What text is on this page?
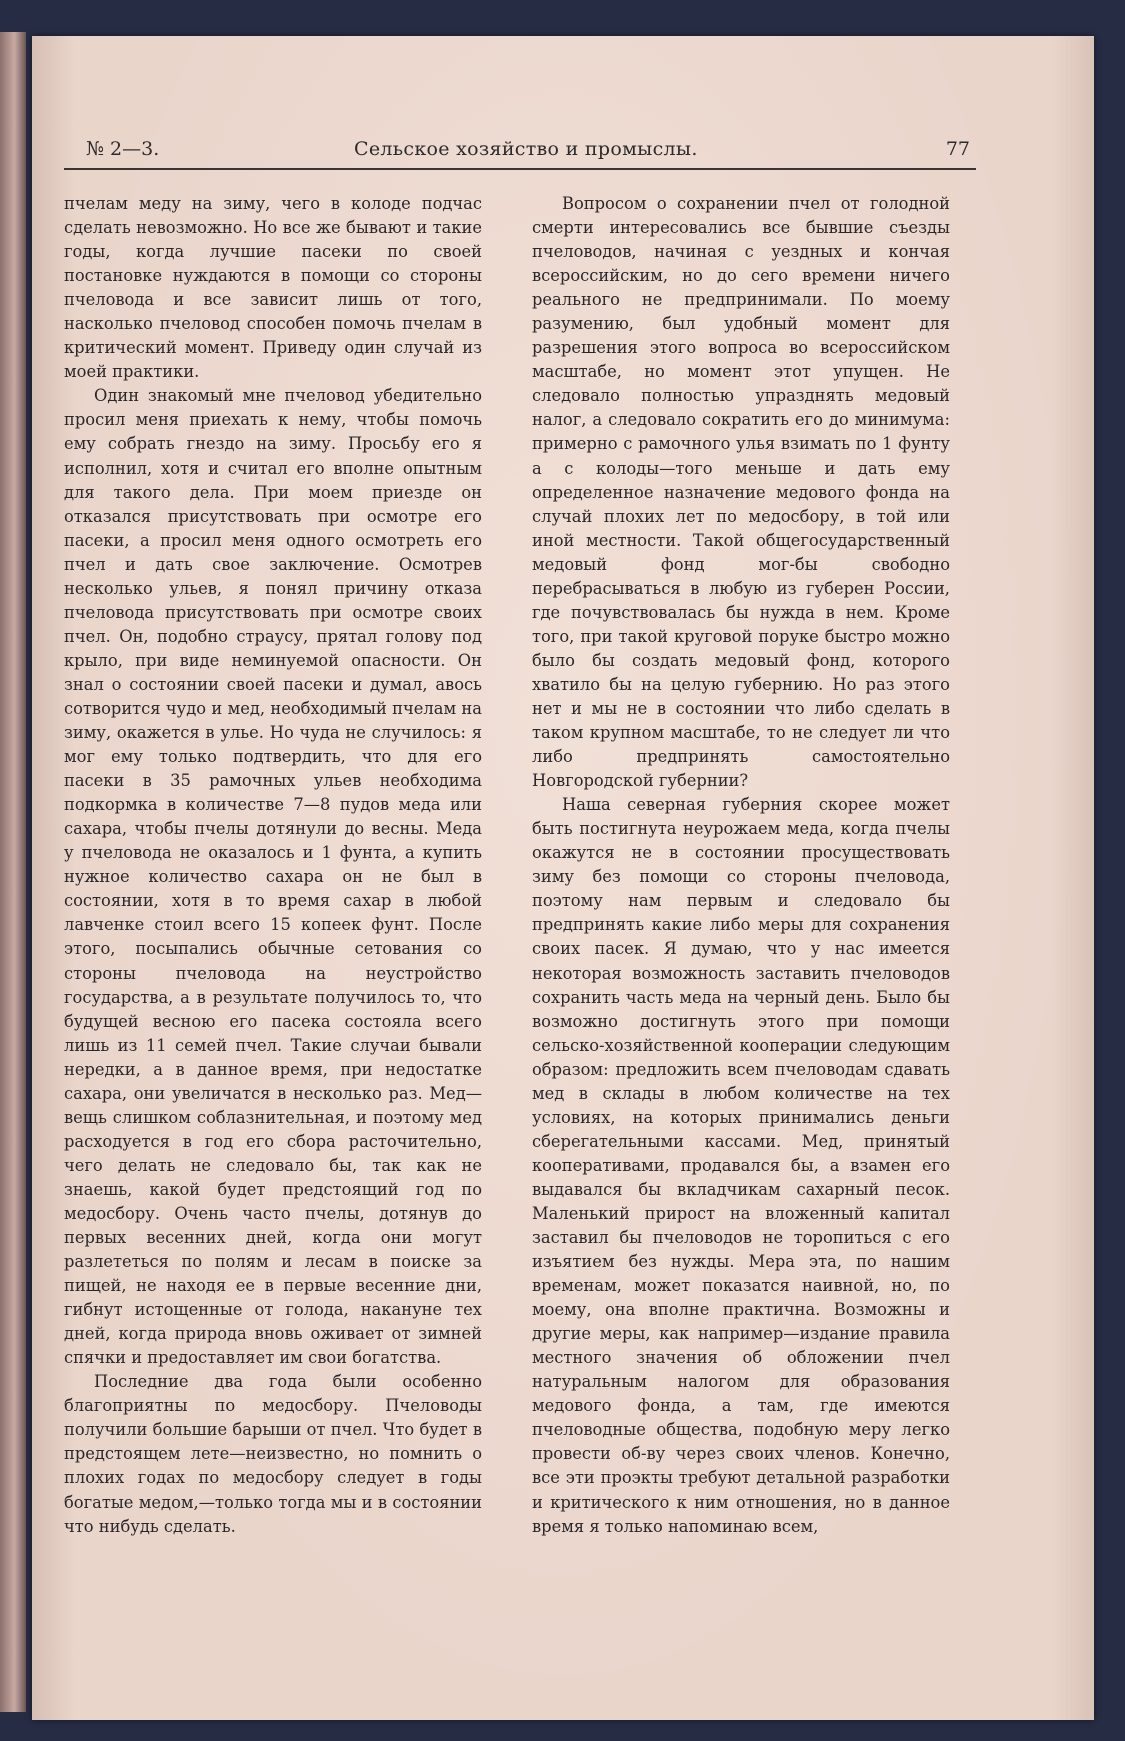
№ 2—3.	Сельское хозяйство и промыслы.	77

пчелам меду на зиму, чего в колоде подчас сделать невозможно. Но все же бывают и такие годы, когда лучшие пасеки по своей постановке нуждаются в помощи со стороны пчеловода и все зависит лишь от того, насколько пчеловод способен помочь пчелам в критический момент. Приведу один случай из моей практики.

Один знакомый мне пчеловод убедительно просил меня приехать к нему, чтобы помочь ему собрать гнездо на зиму. Просьбу его я исполнил, хотя и считал его вполне опытным для такого дела. При моем приезде он отказался присутствовать при осмотре его пасеки, а просил меня одного осмотреть его пчел и дать свое заключение. Осмотрев несколько ульев, я понял причину отказа пчеловода присутствовать при осмотре своих пчел. Он, подобно страусу, прятал голову под крыло, при виде неминуемой опасности. Он знал о состоянии своей пасеки и думал, авось сотворится чудо и мед, необходимый пчелам на зиму, окажется в улье. Но чуда не случилось: я мог ему только подтвердить, что для его пасеки в 35 рамочных ульев необходима подкормка в количестве 7—8 пудов меда или сахара, чтобы пчелы дотянули до весны. Меда у пчеловода не оказалось и 1 фунта, а купить нужное количество сахара он не был в состоянии, хотя в то время сахар в любой лавченке стоил всего 15 копеек фунт. После этого, посыпались обычные сетования со стороны пчеловода на неустройство государства, а в результате получилось то, что будущей весною его пасека состояла всего лишь из 11 семей пчел. Такие случаи бывали нередки, а в данное время, при недостатке сахара, они увеличатся в несколько раз. Мед—вещь слишком соблазнительная, и поэтому мед расходуется в год его сбора расточительно, чего делать не следовало бы, так как не знаешь, какой будет предстоящий год по медосбору. Очень часто пчелы, дотянув до первых весенних дней, когда они могут разлететься по полям и лесам в поиске за пищей, не находя ее в первые весенние дни, гибнут истощенные от голода, накануне тех дней, когда природа вновь оживает от зимней спячки и предоставляет им свои богатства.

Последние два года были особенно благоприятны по медосбору. Пчеловоды получили большие барыши от пчел. Что будет в предстоящем лете—неизвестно, но помнить о плохих годах по медосбору следует в годы богатые медом,—только тогда мы и в состоянии что нибудь сделать.

Вопросом о сохранении пчел от голодной смерти интересовались все бывшие съезды пчеловодов, начиная с уездных и кончая всероссийским, но до сего времени ничего реального не предпринимали. По моему разумению, был удобный момент для разрешения этого вопроса во всероссийском масштабе, но момент этот упущен. Не следовало полностью упразднять медовый налог, а следовало сократить его до минимума: примерно с рамочного улья взимать по 1 фунту а с колоды—того меньше и дать ему определенное назначение медового фонда на случай плохих лет по медосбору, в той или иной местности. Такой общегосударственный медовый фонд мог-бы свободно перебрасываться в любую из губерен России, где почувствовалась бы нужда в нем. Кроме того, при такой круговой поруке быстро можно было бы создать медовый фонд, которого хватило бы на целую губернию. Но раз этого нет и мы не в состоянии что либо сделать в таком крупном масштабе, то не следует ли что либо предпринять самостоятельно Новгородской губернии?

Наша северная губерния скорее может быть постигнута неурожаем меда, когда пчелы окажутся не в состоянии просуществовать зиму без помощи со стороны пчеловода, поэтому нам первым и следовало бы предпринять какие либо меры для сохранения своих пасек. Я думаю, что у нас имеется некоторая возможность заставить пчеловодов сохранить часть меда на черный день. Было бы возможно достигнуть этого при помощи сельско-хозяйственной кооперации следующим образом: предложить всем пчеловодам сдавать мед в склады в любом количестве на тех условиях, на которых принимались деньги сберегательными кассами. Мед, принятый кооперативами, продавался бы, а взамен его выдавался бы вкладчикам сахарный песок. Маленький прирост на вложенный капитал заставил бы пчеловодов не торопиться с его изъятием без нужды. Мера эта, по нашим временам, может показатся наивной, но, по моему, она вполне практична. Возможны и другие меры, как например—издание правила местного значения об обложении пчел натуральным налогом для образования медового фонда, а там, где имеются пчеловодные общества, подобную меру легко провести об-ву через своих членов. Конечно, все эти проэкты требуют детальной разработки и критического к ним отношения, но в данное время я только напоминаю всем,
